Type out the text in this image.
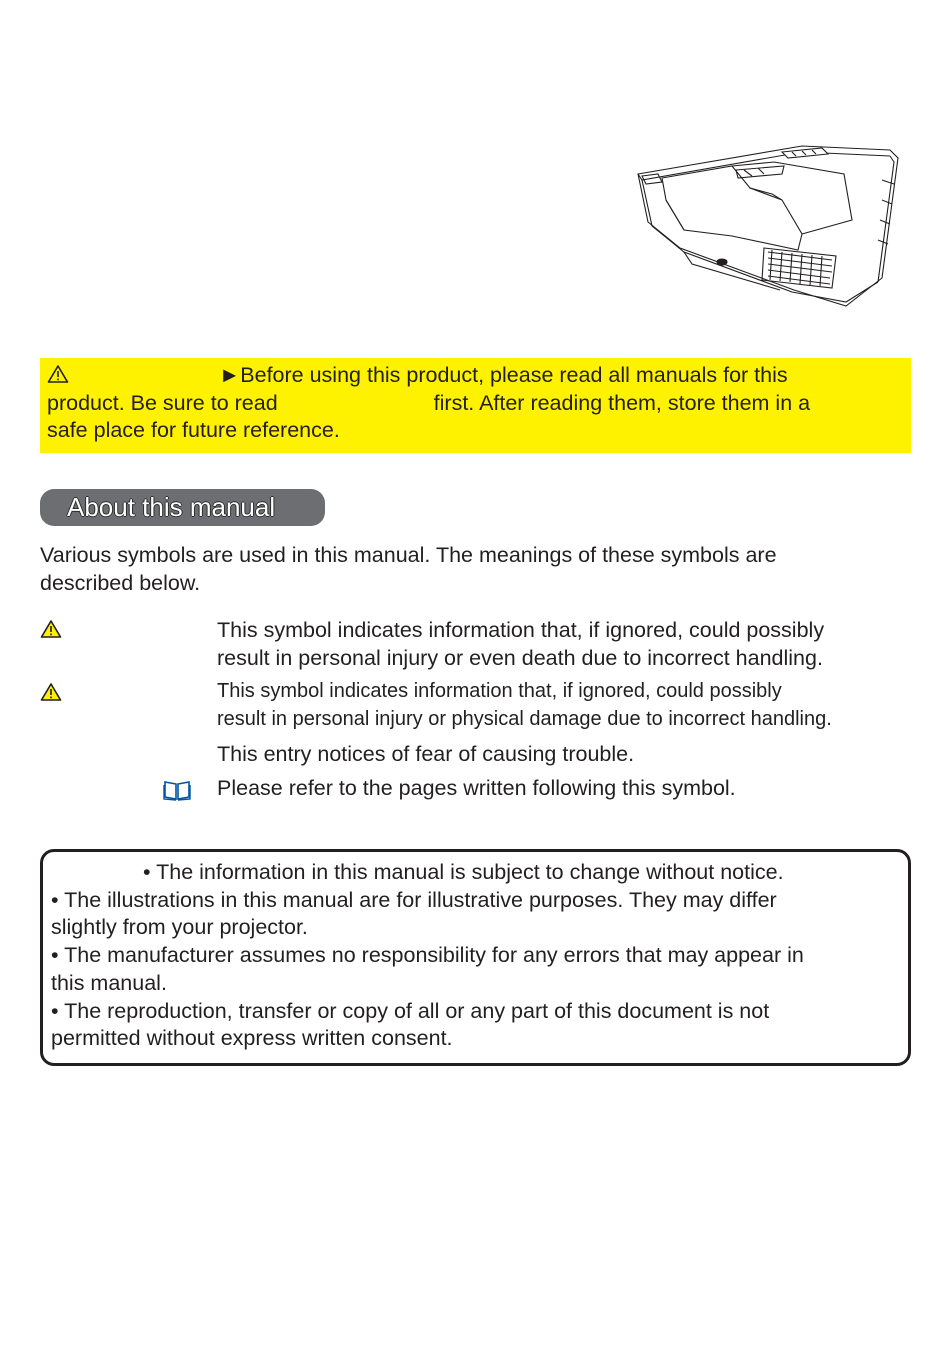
►Before using this product, please read all manuals for this
product. Be sure to read	first. After reading them, store them in a
safe place for future reference.
About this manual
Various symbols are used in this manual. The meanings of these symbols are
described below.
This symbol indicates information that, if ignored, could possibly
result in personal injury or even death due to incorrect handling.
This symbol indicates information that, if ignored, could possibly
result in personal injury or physical damage due to incorrect handling.
This entry notices of fear of causing trouble.
Please refer to the pages written following this symbol.

• The information in this manual is subject to change without notice.

• The illustrations in this manual are for illustrative purposes. They may differ

slightly from your projector.

• The manufacturer assumes no responsibility for any errors that may appear in

this manual.

• The reproduction, transfer or copy of all or any part of this document is not

permitted without express written consent.
